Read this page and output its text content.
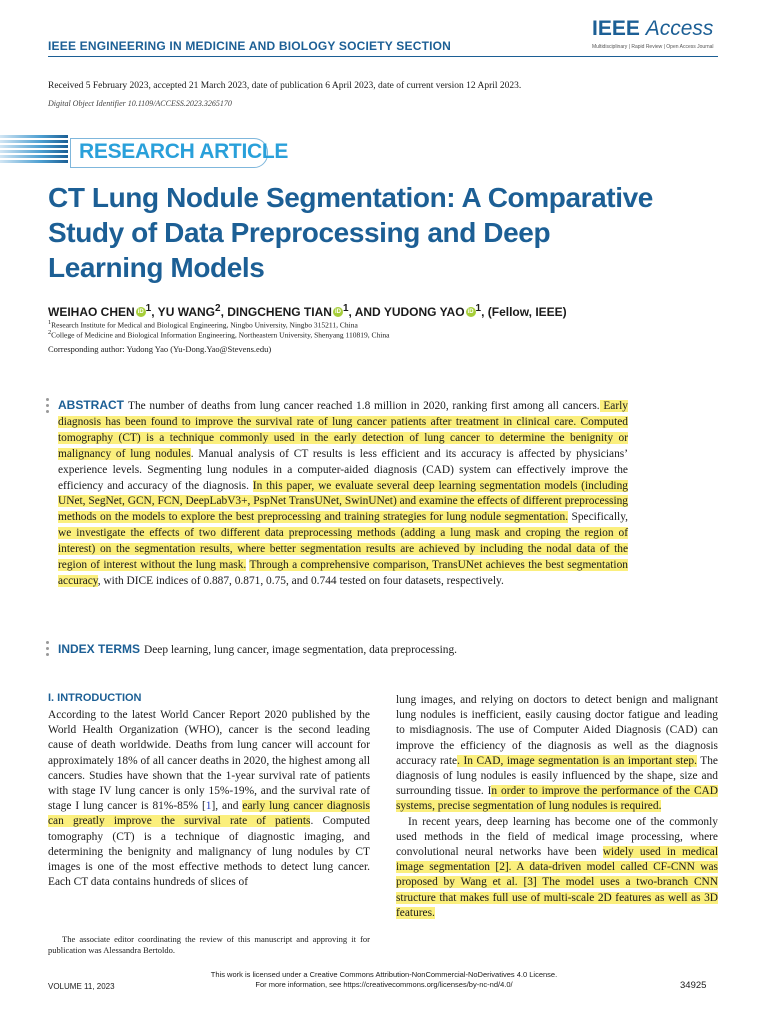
IEEE ENGINEERING IN MEDICINE AND BIOLOGY SOCIETY SECTION
IEEE Access
Multidisciplinary | Rapid Review | Open Access Journal
Received 5 February 2023, accepted 21 March 2023, date of publication 6 April 2023, date of current version 12 April 2023.
Digital Object Identifier 10.1109/ACCESS.2023.3265170
RESEARCH ARTICLE
CT Lung Nodule Segmentation: A Comparative Study of Data Preprocessing and Deep Learning Models
WEIHAO CHEN iD $^1$, YU WANG$^2$, DINGCHENG TIAN iD $^1$, AND YUDONG YAO iD $^1$, (Fellow, IEEE)
$^1$Research Institute for Medical and Biological Engineering, Ningbo University, Ningbo 315211, China
$^2$College of Medicine and Biological Information Engineering, Northeastern University, Shenyang 110819, China
Corresponding author: Yudong Yao (Yu-Dong.Yao@Stevens.edu)
ABSTRACT The number of deaths from lung cancer reached 1.8 million in 2020, ranking first among all cancers. Early diagnosis has been found to improve the survival rate of lung cancer patients after treatment in clinical care. Computed tomography (CT) is a technique commonly used in the early detection of lung cancer to determine the benignity or malignancy of lung nodules. Manual analysis of CT results is less efficient and its accuracy is affected by physicians’ experience levels. Segmenting lung nodules in a computer-aided diagnosis (CAD) system can effectively improve the efficiency and accuracy of the diagnosis. In this paper, we evaluate several deep learning segmentation models (including UNet, SegNet, GCN, FCN, DeepLabV3+, PspNet TransUNet, SwinUNet) and examine the effects of different preprocessing methods on the models to explore the best preprocessing and training strategies for lung nodule segmentation. Specifically, we investigate the effects of two different data preprocessing methods (adding a lung mask and croping the region of interest) on the segmentation results, where better segmentation results are achieved by including the nodal data of the region of interest without the lung mask. Through a comprehensive comparison, TransUNet achieves the best segmentation accuracy, with DICE indices of 0.887, 0.871, 0.75, and 0.744 tested on four datasets, respectively.
INDEX TERMS Deep learning, lung cancer, image segmentation, data preprocessing.
I. INTRODUCTION
According to the latest World Cancer Report 2020 published by the World Health Organization (WHO), cancer is the second leading cause of death worldwide. Deaths from lung cancer will account for approximately 18% of all cancer deaths in 2020, the highest among all cancers. Studies have shown that the 1-year survival rate of patients with stage IV lung cancer is only 15%-19%, and the survival rate of stage I lung cancer is 81%-85% [1], and early lung cancer diagnosis can greatly improve the survival rate of patients. Computed tomography (CT) is a technique of diagnostic imaging, and determining the benignity and malignancy of lung nodules by CT images is one of the most effective methods to detect lung cancer. Each CT data contains hundreds of slices of
lung images, and relying on doctors to detect benign and malignant lung nodules is inefficient, easily causing doctor fatigue and leading to misdiagnosis. The use of Computer Aided Diagnosis (CAD) can improve the efficiency of the diagnosis as well as the diagnosis accuracy rate. In CAD, image segmentation is an important step. The diagnosis of lung nodules is easily influenced by the shape, size and surrounding tissue. In order to improve the performance of the CAD systems, precise segmentation of lung nodules is required.
In recent years, deep learning has become one of the commonly used methods in the field of medical image processing, where convolutional neural networks have been widely used in medical image segmentation [2]. A data-driven model called CF-CNN was proposed by Wang et al. [3] The model uses a two-branch CNN structure that makes full use of multi-scale 2D features as well as 3D features.
The associate editor coordinating the review of this manuscript and approving it for publication was Alessandra Bertoldo.
This work is licensed under a Creative Commons Attribution-NonCommercial-NoDerivatives 4.0 License.
For more information, see https://creativecommons.org/licenses/by-nc-nd/4.0/
VOLUME 11, 2023	34925
